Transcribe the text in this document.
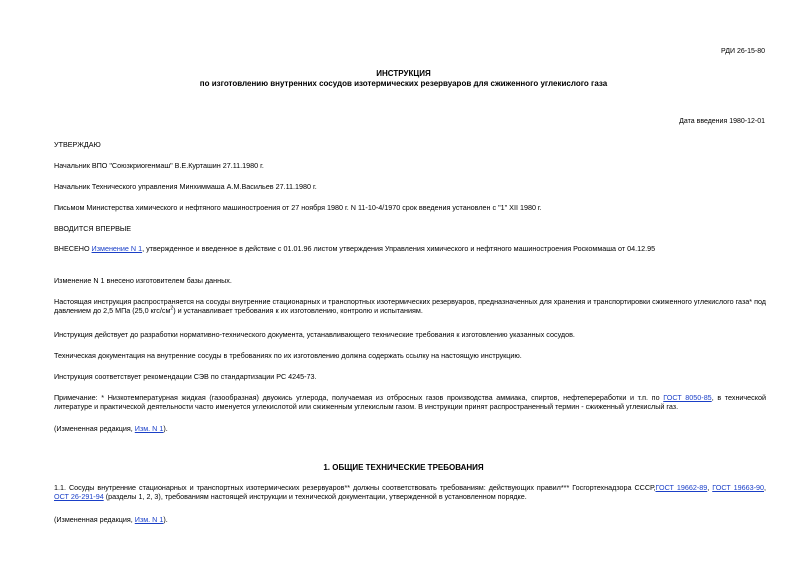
РДИ 26-15-80
ИНСТРУКЦИЯ
по изготовлению внутренних сосудов изотермических резервуаров для сжиженного углекислого газа
Дата введения 1980-12-01

УТВЕРЖДАЮ

Начальник ВПО "Союзкриогенмаш" В.Е.Курташин 27.11.1980 г.

Начальник Технического управления Минхиммаша А.М.Васильев 27.11.1980 г.

Письмом Министерства химического и нефтяного машиностроения от 27 ноября 1980 г. N 11-10-4/1970 срок введения установлен с "1" XII 1980 г.

ВВОДИТСЯ ВПЕРВЫЕ

ВНЕСЕНО Изменение N 1, утвержденное и введенное в действие с 01.01.96 листом утверждения Управления химического и нефтяного машиностроения Роскоммаша от 04.12.95

Изменение N 1 внесено изготовителем базы данных.

Настоящая инструкция распространяется на сосуды внутренние стационарных и транспортных изотермических резервуаров, предназначенных для хранения и транспортировки сжиженного углекислого газа* под давлением до 2,5 МПа (25,0 кгс/$см^2$) и устанавливает требования к их изготовлению, контролю и испытаниям.

Инструкция действует до разработки нормативно-технического документа, устанавливающего технические требования к изготовлению указанных сосудов.

Техническая документация на внутренние сосуды в требованиях по их изготовлению должна содержать ссылку на настоящую инструкцию.

Инструкция соответствует рекомендации СЭВ по стандартизации РС 4245-73.

Примечание: * Низкотемпературная жидкая (газообразная) двуокись углерода, получаемая из отбросных газов производства аммиака, спиртов, нефтепереработки и т.п. по ГОСТ 8050-85, в технической литературе и практической деятельности часто именуется углекислотой или сжиженным углекислым газом. В инструкции принят распространенный термин - сжиженный углекислый газ.

(Измененная редакция, Изм. N 1).

1. ОБЩИЕ ТЕХНИЧЕСКИЕ ТРЕБОВАНИЯ

1.1. Сосуды внутренние стационарных и транспортных изотермических резервуаров** должны соответствовать требованиям: действующих правил*** Госгортехнадзора СССР,ГОСТ 19662-89, ГОСТ 19663-90, ОСТ 26-291-94 (разделы 1, 2, 3), требованиям настоящей инструкции и технической документации, утвержденной в установленном порядке.

(Измененная редакция, Изм. N 1).
